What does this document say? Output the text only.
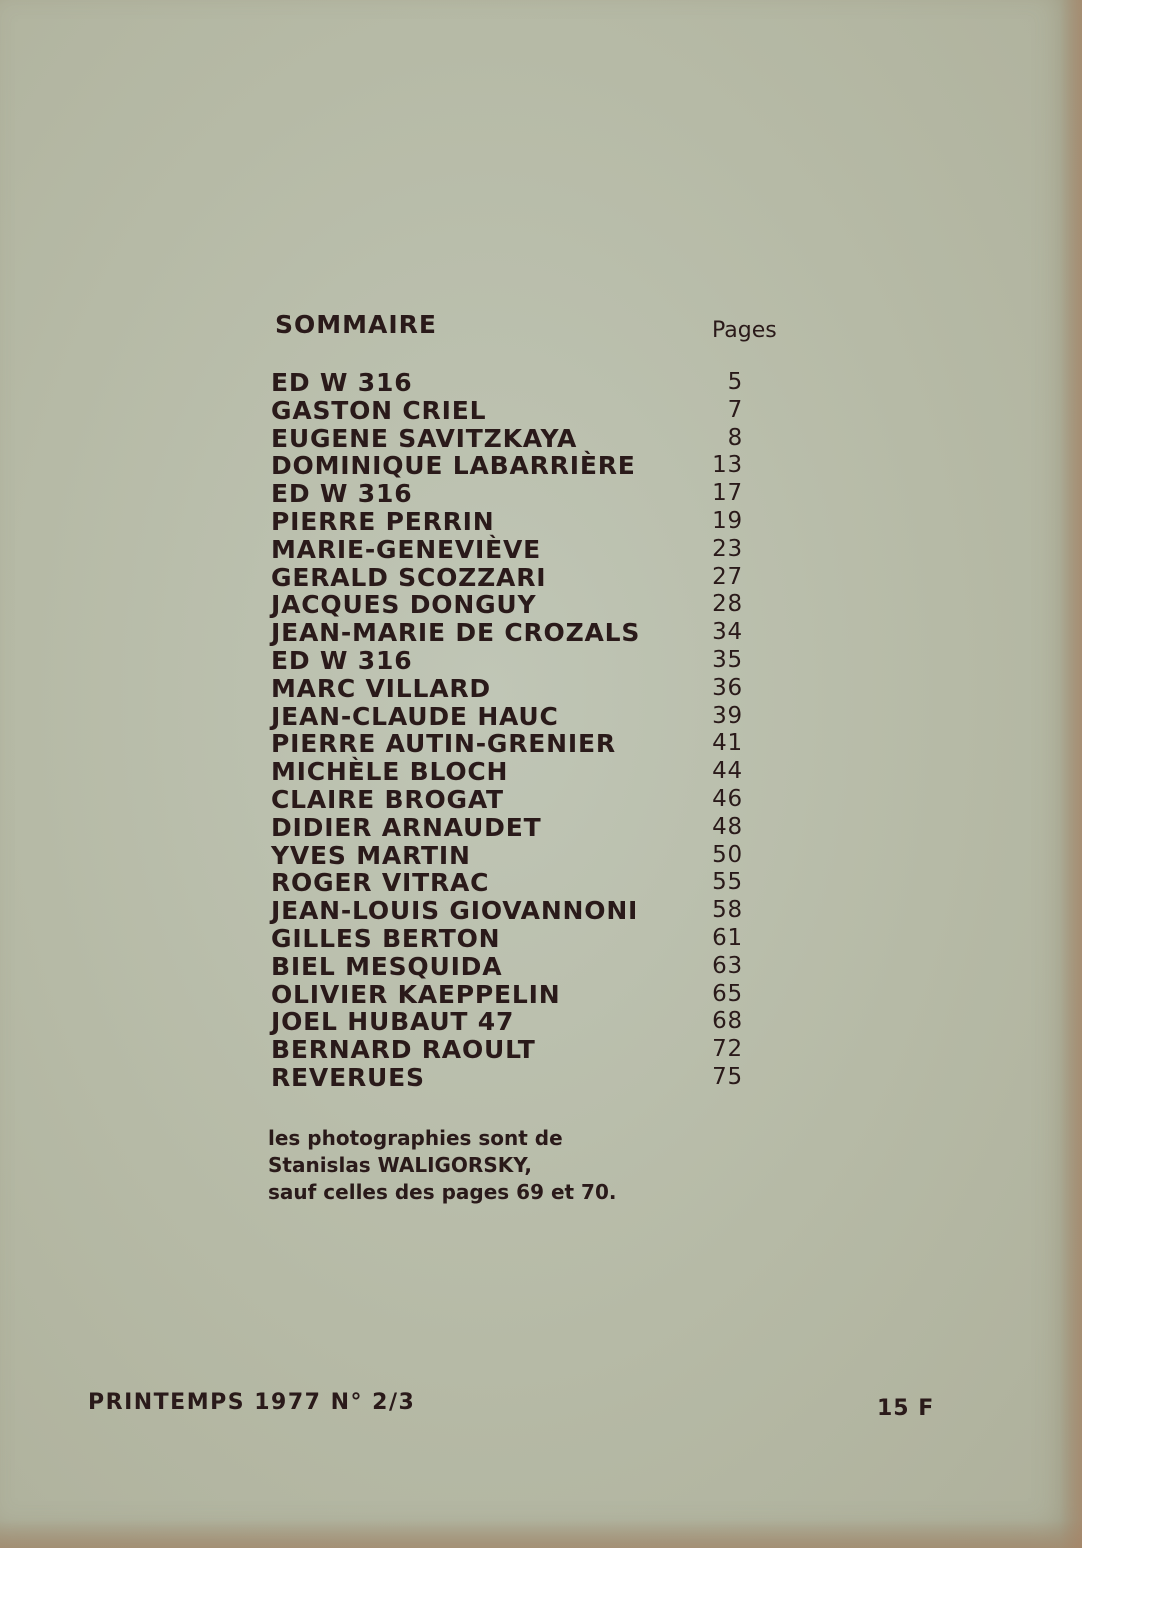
SOMMAIRE	Pages
ED W 316	5
GASTON CRIEL	7
EUGENE SAVITZKAYA	8
DOMINIQUE LABARRIÈRE	13
ED W 316	17
PIERRE PERRIN	19
MARIE-GENEVIÈVE	23
GERALD SCOZZARI	27
JACQUES DONGUY	28
JEAN-MARIE DE CROZALS	34
ED W 316	35
MARC VILLARD	36
JEAN-CLAUDE HAUC	39
PIERRE AUTIN-GRENIER	41
MICHÈLE BLOCH	44
CLAIRE BROGAT	46
DIDIER ARNAUDET	48
YVES MARTIN	50
ROGER VITRAC	55
JEAN-LOUIS GIOVANNONI	58
GILLES BERTON	61
BIEL MESQUIDA	63
OLIVIER KAEPPELIN	65
JOEL HUBAUT 47	68
BERNARD RAOULT	72
REVERUES	75
les photographies sont de
Stanislas WALIGORSKY,
sauf celles des pages 69 et 70.
PRINTEMPS 1977 N° 2/3	15 F
